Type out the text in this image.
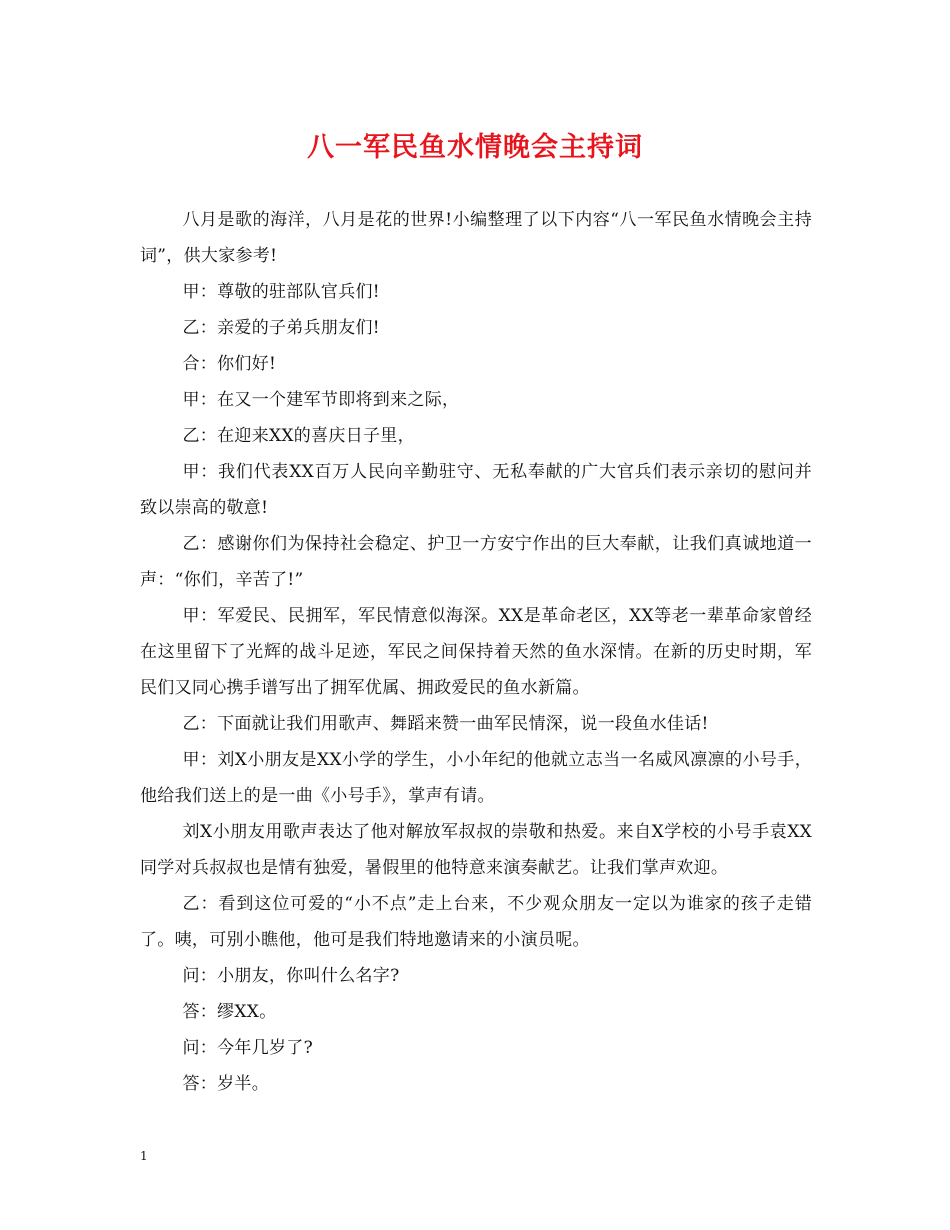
八一军民鱼水情晚会主持词

八月是歌的海洋，八月是花的世界!小编整理了以下内容“八一军民鱼水情晚会主持词”，供大家参考!

甲：尊敬的驻部队官兵们!

乙：亲爱的子弟兵朋友们!

合：你们好!

甲：在又一个建军节即将到来之际，

乙：在迎来XX的喜庆日子里，

甲：我们代表XX百万人民向辛勤驻守、无私奉献的广大官兵们表示亲切的慰问并致以崇高的敬意!

乙：感谢你们为保持社会稳定、护卫一方安宁作出的巨大奉献，让我们真诚地道一声：“你们，辛苦了!”

甲：军爱民、民拥军，军民情意似海深。XX是革命老区，XX等老一辈革命家曾经在这里留下了光辉的战斗足迹，军民之间保持着天然的鱼水深情。在新的历史时期，军民们又同心携手谱写出了拥军优属、拥政爱民的鱼水新篇。

乙：下面就让我们用歌声、舞蹈来赞一曲军民情深，说一段鱼水佳话!

甲：刘X小朋友是XX小学的学生，小小年纪的他就立志当一名威风凛凛的小号手，他给我们送上的是一曲《小号手》，掌声有请。

刘X小朋友用歌声表达了他对解放军叔叔的崇敬和热爱。来自X学校的小号手袁XX同学对兵叔叔也是情有独爱，暑假里的他特意来演奏献艺。让我们掌声欢迎。

乙：看到这位可爱的“小不点”走上台来，不少观众朋友一定以为谁家的孩子走错了。咦，可别小瞧他，他可是我们特地邀请来的小演员呢。

问：小朋友，你叫什么名字?

答：缪XX。

问：今年几岁了?

答：岁半。

1
